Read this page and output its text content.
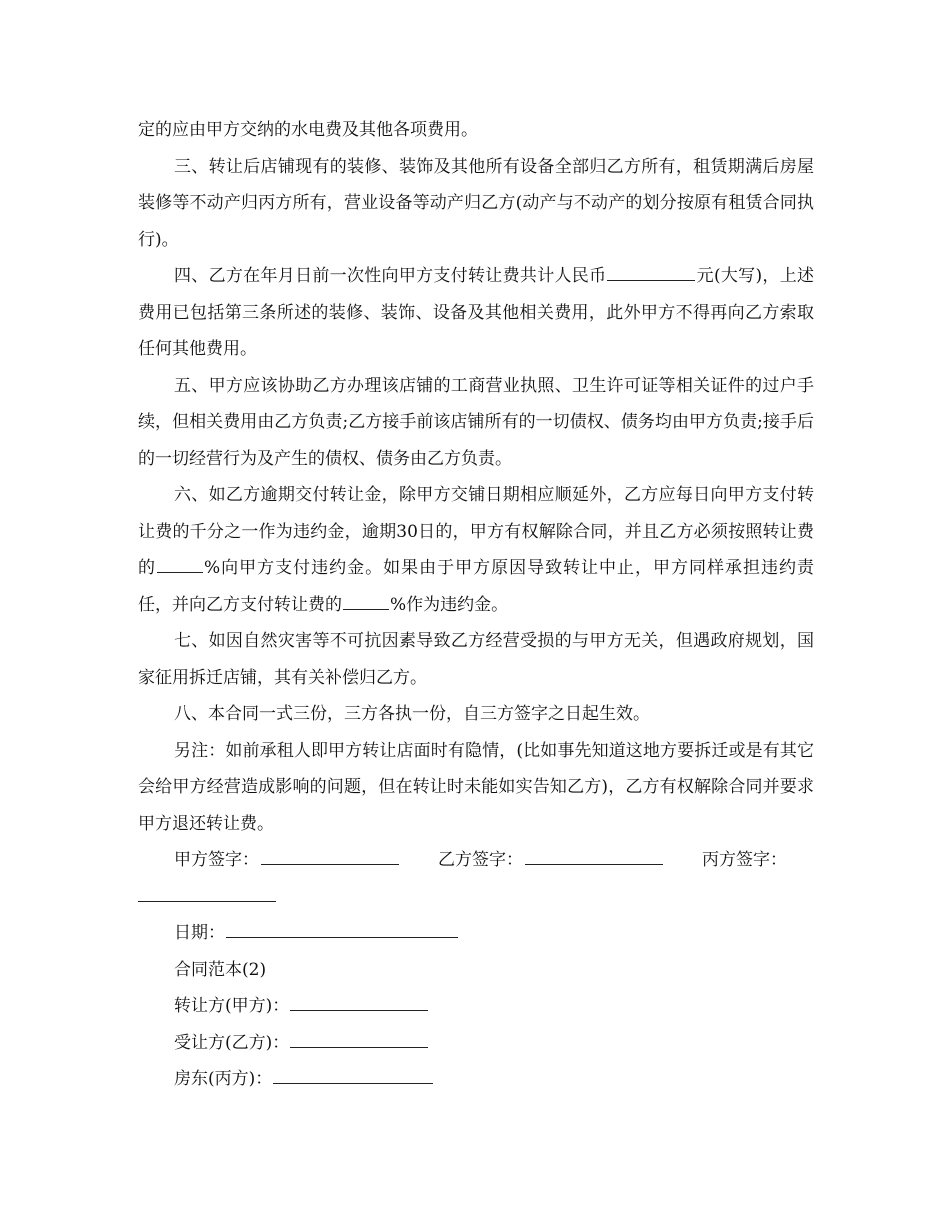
定的应由甲方交纳的水电费及其他各项费用。

三、转让后店铺现有的装修、装饰及其他所有设备全部归乙方所有，租赁期满后房屋装修等不动产归丙方所有，营业设备等动产归乙方(动产与不动产的划分按原有租赁合同执行)。

四、乙方在年月日前一次性向甲方支付转让费共计人民币	元(大写)，上述费用已包括第三条所述的装修、装饰、设备及其他相关费用，此外甲方不得再向乙方索取任何其他费用。

五、甲方应该协助乙方办理该店铺的工商营业执照、卫生许可证等相关证件的过户手续，但相关费用由乙方负责;乙方接手前该店铺所有的一切债权、债务均由甲方负责;接手后的一切经营行为及产生的债权、债务由乙方负责。

六、如乙方逾期交付转让金，除甲方交铺日期相应顺延外，乙方应每日向甲方支付转让费的千分之一作为违约金，逾期30日的，甲方有权解除合同，并且乙方必须按照转让费的	%向甲方支付违约金。如果由于甲方原因导致转让中止，甲方同样承担违约责任，并向乙方支付转让费的	%作为违约金。

七、如因自然灾害等不可抗因素导致乙方经营受损的与甲方无关，但遇政府规划，国家征用拆迁店铺，其有关补偿归乙方。

八、本合同一式三份，三方各执一份，自三方签字之日起生效。

另注：如前承租人即甲方转让店面时有隐情，(比如事先知道这地方要拆迁或是有其它会给甲方经营造成影响的问题，但在转让时未能如实告知乙方)，乙方有权解除合同并要求甲方退还转让费。

甲方签字：	乙方签字：	丙方签字：

日期：

合同范本(2)

转让方(甲方)：

受让方(乙方)：

房东(丙方)：
